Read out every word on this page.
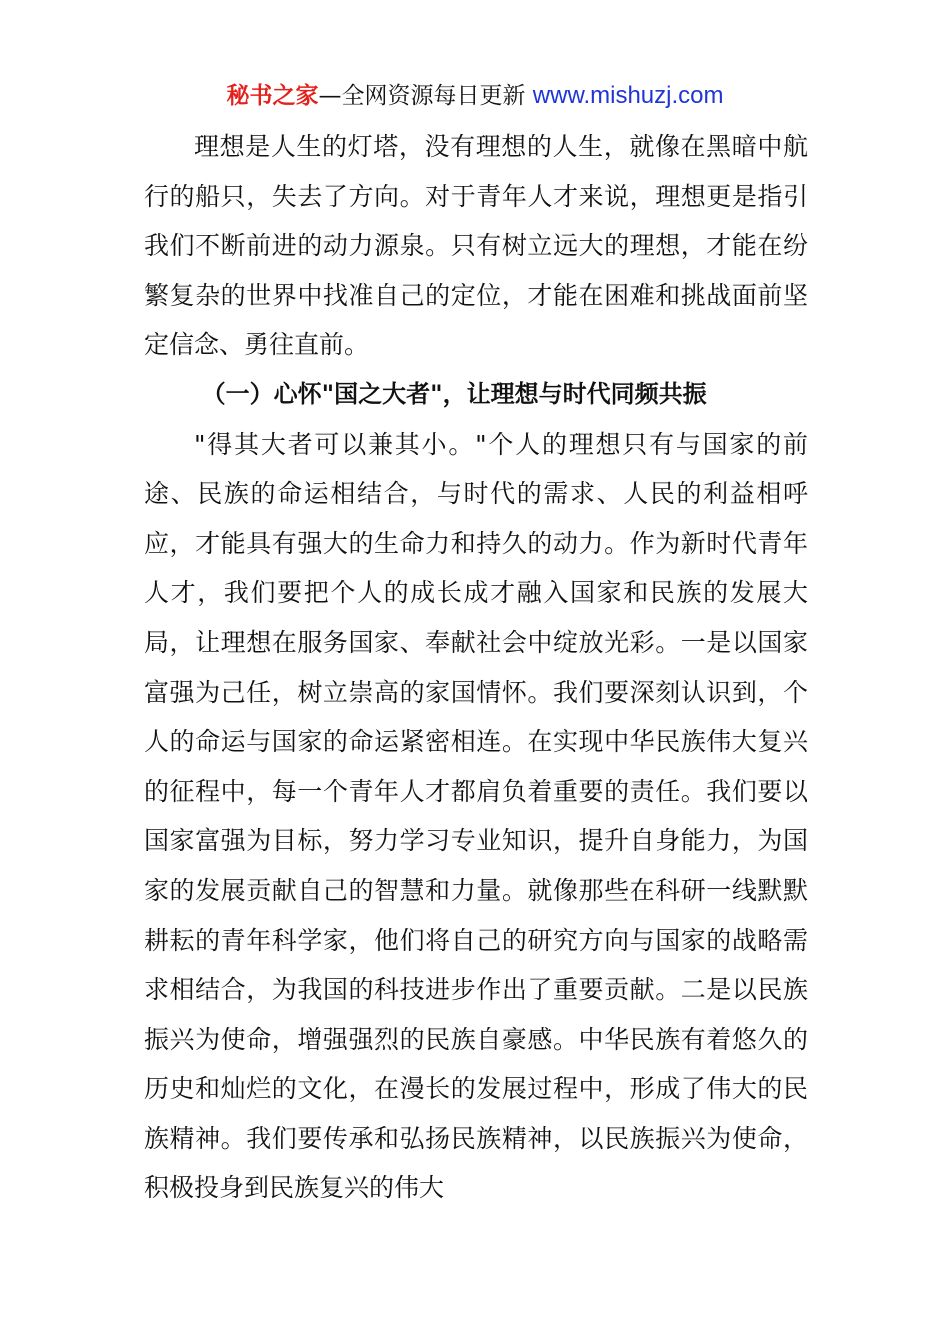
秘书之家—全网资源每日更新 www.mishuzj.com

理想是人生的灯塔，没有理想的人生，就像在黑暗中航行的船只，失去了方向。对于青年人才来说，理想更是指引我们不断前进的动力源泉。只有树立远大的理想，才能在纷繁复杂的世界中找准自己的定位，才能在困难和挑战面前坚定信念、勇往直前。

（一）心怀"国之大者"，让理想与时代同频共振

"得其大者可以兼其小。"个人的理想只有与国家的前途、民族的命运相结合，与时代的需求、人民的利益相呼应，才能具有强大的生命力和持久的动力。作为新时代青年人才，我们要把个人的成长成才融入国家和民族的发展大局，让理想在服务国家、奉献社会中绽放光彩。一是以国家富强为己任，树立崇高的家国情怀。我们要深刻认识到，个人的命运与国家的命运紧密相连。在实现中华民族伟大复兴的征程中，每一个青年人才都肩负着重要的责任。我们要以国家富强为目标，努力学习专业知识，提升自身能力，为国家的发展贡献自己的智慧和力量。就像那些在科研一线默默耕耘的青年科学家，他们将自己的研究方向与国家的战略需求相结合，为我国的科技进步作出了重要贡献。二是以民族振兴为使命，增强强烈的民族自豪感。中华民族有着悠久的历史和灿烂的文化，在漫长的发展过程中，形成了伟大的民族精神。我们要传承和弘扬民族精神，以民族振兴为使命，积极投身到民族复兴的伟大
